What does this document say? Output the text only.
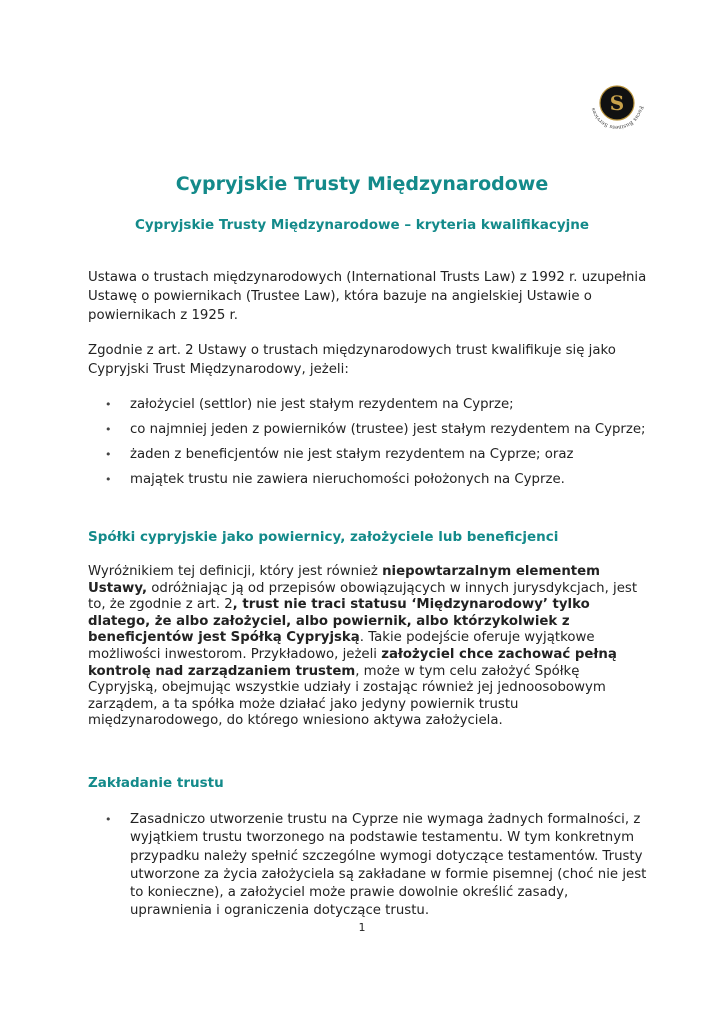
S	Focus Business Services
Cypryjskie Trusty Międzynarodowe
Cypryjskie Trusty Międzynarodowe – kryteria kwalifikacyjne

Ustawa o trustach międzynarodowych (International Trusts Law) z 1992 r. uzupełnia Ustawę o powiernikach (Trustee Law), która bazuje na angielskiej Ustawie o powiernikach z 1925 r.

Zgodnie z art. 2 Ustawy o trustach międzynarodowych trust kwalifikuje się jako Cypryjski Trust Międzynarodowy, jeżeli:

• założyciel (settlor) nie jest stałym rezydentem na Cyprze;
• co najmniej jeden z powierników (trustee) jest stałym rezydentem na Cyprze;
• żaden z beneficjentów nie jest stałym rezydentem na Cyprze; oraz
• majątek trustu nie zawiera nieruchomości położonych na Cyprze.
Spółki cypryjskie jako powiernicy, założyciele lub beneficjenci

Wyróżnikiem tej definicji, który jest również niepowtarzalnym elementem Ustawy, odróżniając ją od przepisów obowiązujących w innych jurysdykcjach, jest to, że zgodnie z art. 2, trust nie traci statusu ‘Międzynarodowy’ tylko dlatego, że albo założyciel, albo powiernik, albo którzykolwiek z beneficjentów jest Spółką Cypryjską. Takie podejście oferuje wyjątkowe możliwości inwestorom. Przykładowo, jeżeli założyciel chce zachować pełną kontrolę nad zarządzaniem trustem, może w tym celu założyć Spółkę Cypryjską, obejmując wszystkie udziały i zostając również jej jednoosobowym zarządem, a ta spółka może działać jako jedyny powiernik trustu międzynarodowego, do którego wniesiono aktywa założyciela.

Zakładanie trustu
• Zasadniczo utworzenie trustu na Cyprze nie wymaga żadnych formalności, z wyjątkiem trustu tworzonego na podstawie testamentu. W tym konkretnym przypadku należy spełnić szczególne wymogi dotyczące testamentów. Trusty utworzone za życia założyciela są zakładane w formie pisemnej (choć nie jest to konieczne), a założyciel może prawie dowolnie określić zasady, uprawnienia i ograniczenia dotyczące trustu.

1
